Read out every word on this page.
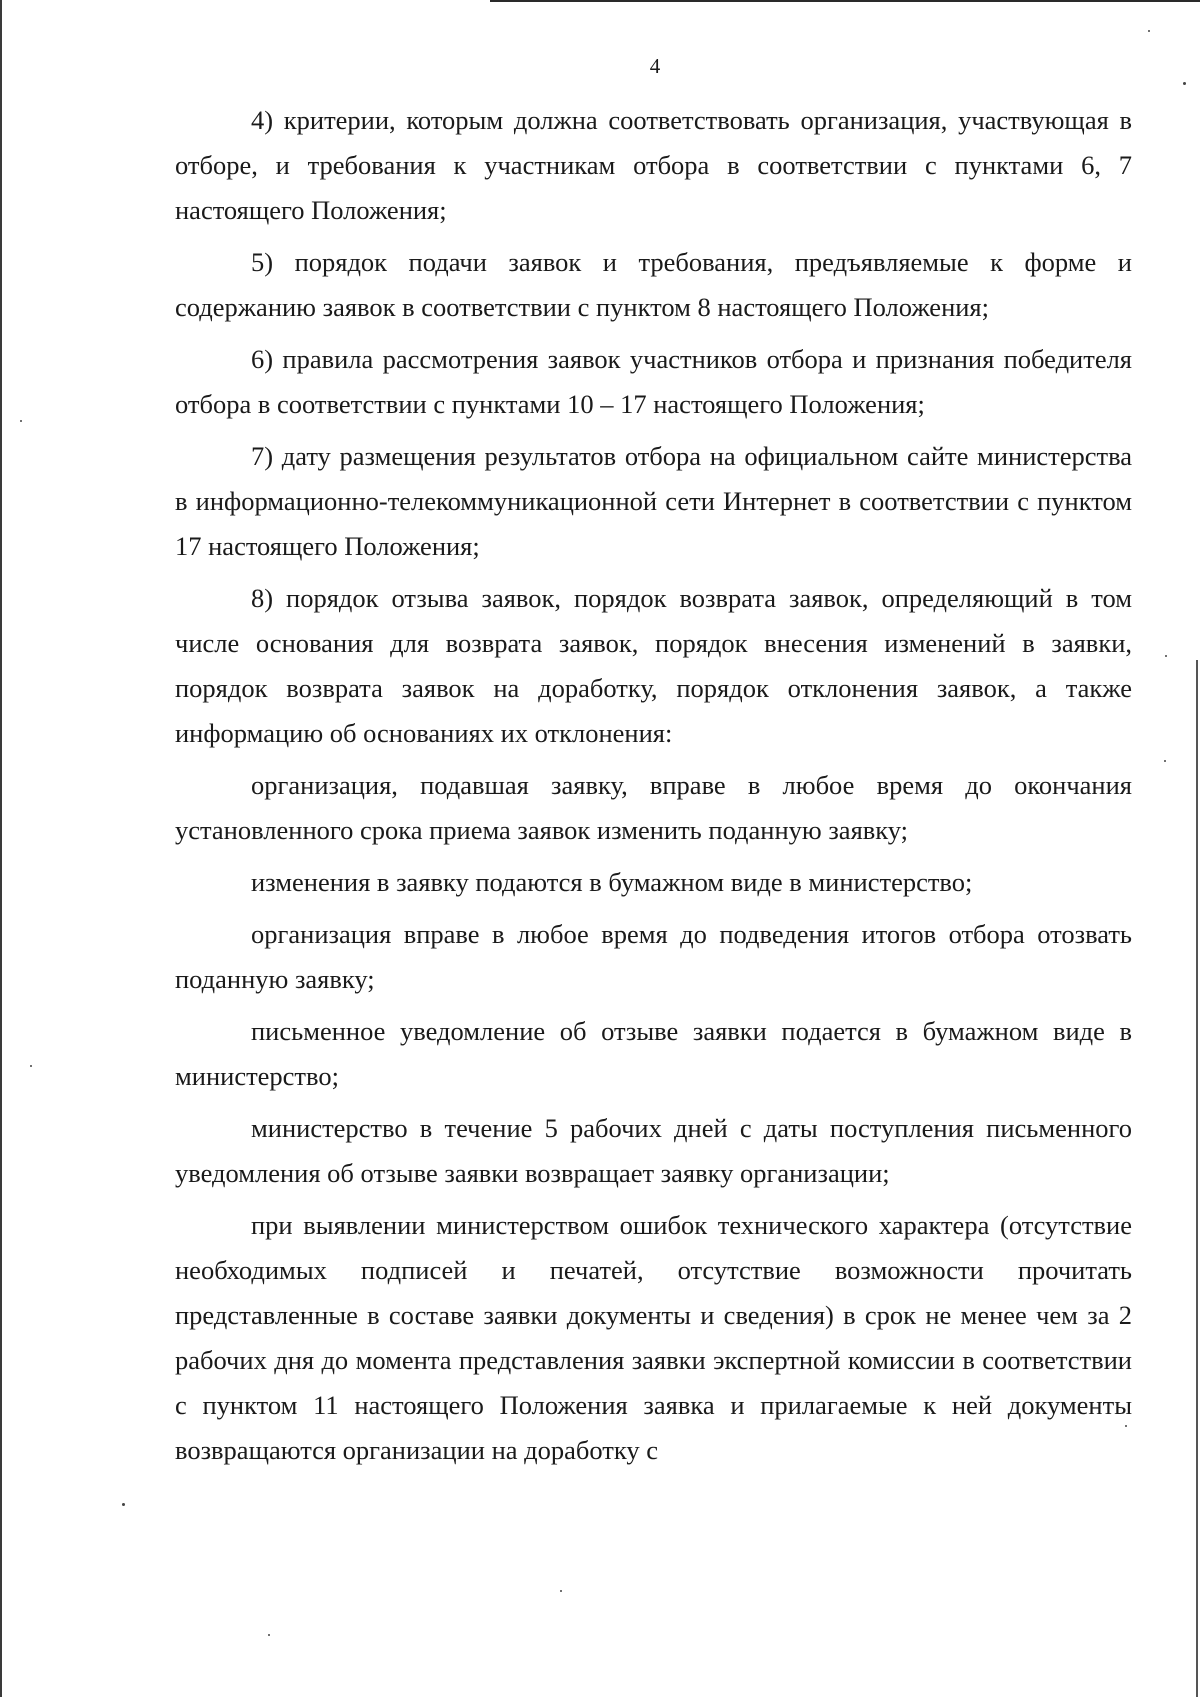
4

4) критерии, которым должна соответствовать организация, участвующая в отборе, и требования к участникам отбора в соответствии с пунктами 6, 7 настоящего Положения;

5) порядок подачи заявок и требования, предъявляемые к форме и содержанию заявок в соответствии с пунктом 8 настоящего Положения;

6) правила рассмотрения заявок участников отбора и признания победителя отбора в соответствии с пунктами 10 – 17 настоящего Положения;

7) дату размещения результатов отбора на официальном сайте министерства в информационно-телекоммуникационной сети Интернет в соответствии с пунктом 17 настоящего Положения;

8) порядок отзыва заявок, порядок возврата заявок, определяющий в том числе основания для возврата заявок, порядок внесения изменений в заявки, порядок возврата заявок на доработку, порядок отклонения заявок, а также информацию об основаниях их отклонения:

организация, подавшая заявку, вправе в любое время до окончания установленного срока приема заявок изменить поданную заявку;

изменения в заявку подаются в бумажном виде в министерство;

организация вправе в любое время до подведения итогов отбора отозвать поданную заявку;

письменное уведомление об отзыве заявки подается в бумажном виде в министерство;

министерство в течение 5 рабочих дней с даты поступления письменного уведомления об отзыве заявки возвращает заявку организации;

при выявлении министерством ошибок технического характера (отсутствие необходимых подписей и печатей, отсутствие возможности прочитать представленные в составе заявки документы и сведения) в срок не менее чем за 2 рабочих дня до момента представления заявки экспертной комиссии в соответствии с пунктом 11 настоящего Положения заявка и прилагаемые к ней документы возвращаются организации на доработку с
